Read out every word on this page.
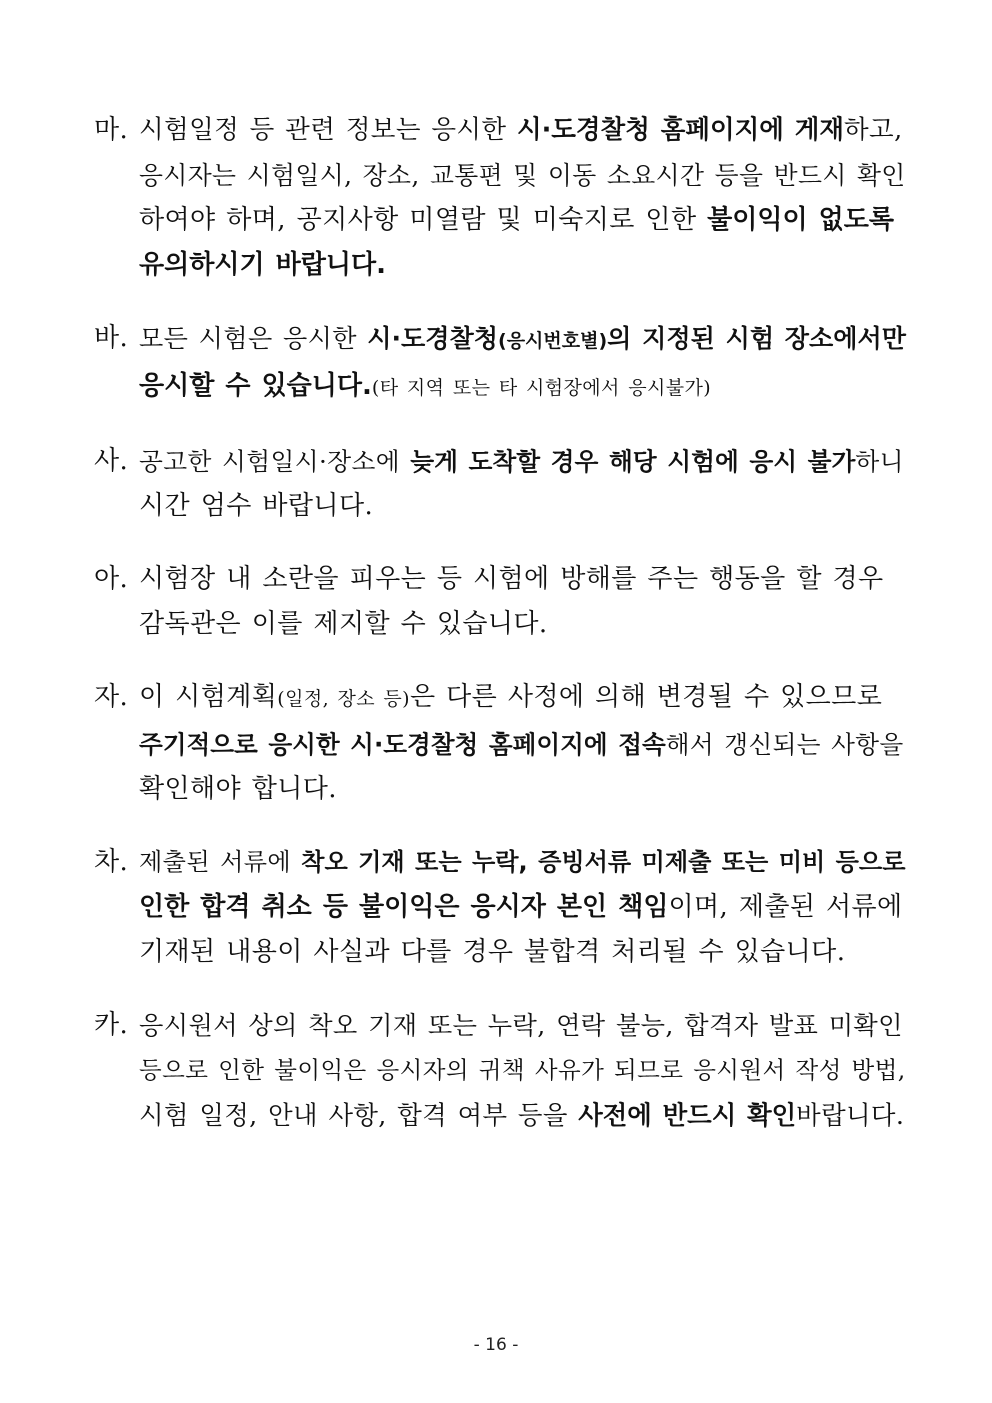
마. 시험일정 등 관련 정보는 응시한 시·도경찰청 홈페이지에 게재하고,
응시자는 시험일시, 장소, 교통편 및 이동 소요시간 등을 반드시 확인
하여야 하며, 공지사항 미열람 및 미숙지로 인한 불이익이 없도록
유의하시기 바랍니다.
바. 모든 시험은 응시한 시·도경찰청(응시번호별)의 지정된 시험 장소에서만
응시할 수 있습니다.(타 지역 또는 타 시험장에서 응시불가)
사. 공고한 시험일시·장소에 늦게 도착할 경우 해당 시험에 응시 불가하니
시간 엄수 바랍니다.
아. 시험장 내 소란을 피우는 등 시험에 방해를 주는 행동을 할 경우
감독관은 이를 제지할 수 있습니다.
자. 이 시험계획(일정, 장소 등)은 다른 사정에 의해 변경될 수 있으므로
주기적으로 응시한 시·도경찰청 홈페이지에 접속해서 갱신되는 사항을
확인해야 합니다.
차. 제출된 서류에 착오 기재 또는 누락, 증빙서류 미제출 또는 미비 등으로
인한 합격 취소 등 불이익은 응시자 본인 책임이며, 제출된 서류에
기재된 내용이 사실과 다를 경우 불합격 처리될 수 있습니다.
카. 응시원서 상의 착오 기재 또는 누락, 연락 불능, 합격자 발표 미확인
등으로 인한 불이익은 응시자의 귀책 사유가 되므로 응시원서 작성 방법,
시험 일정, 안내 사항, 합격 여부 등을 사전에 반드시 확인바랍니다.
- 16 -
